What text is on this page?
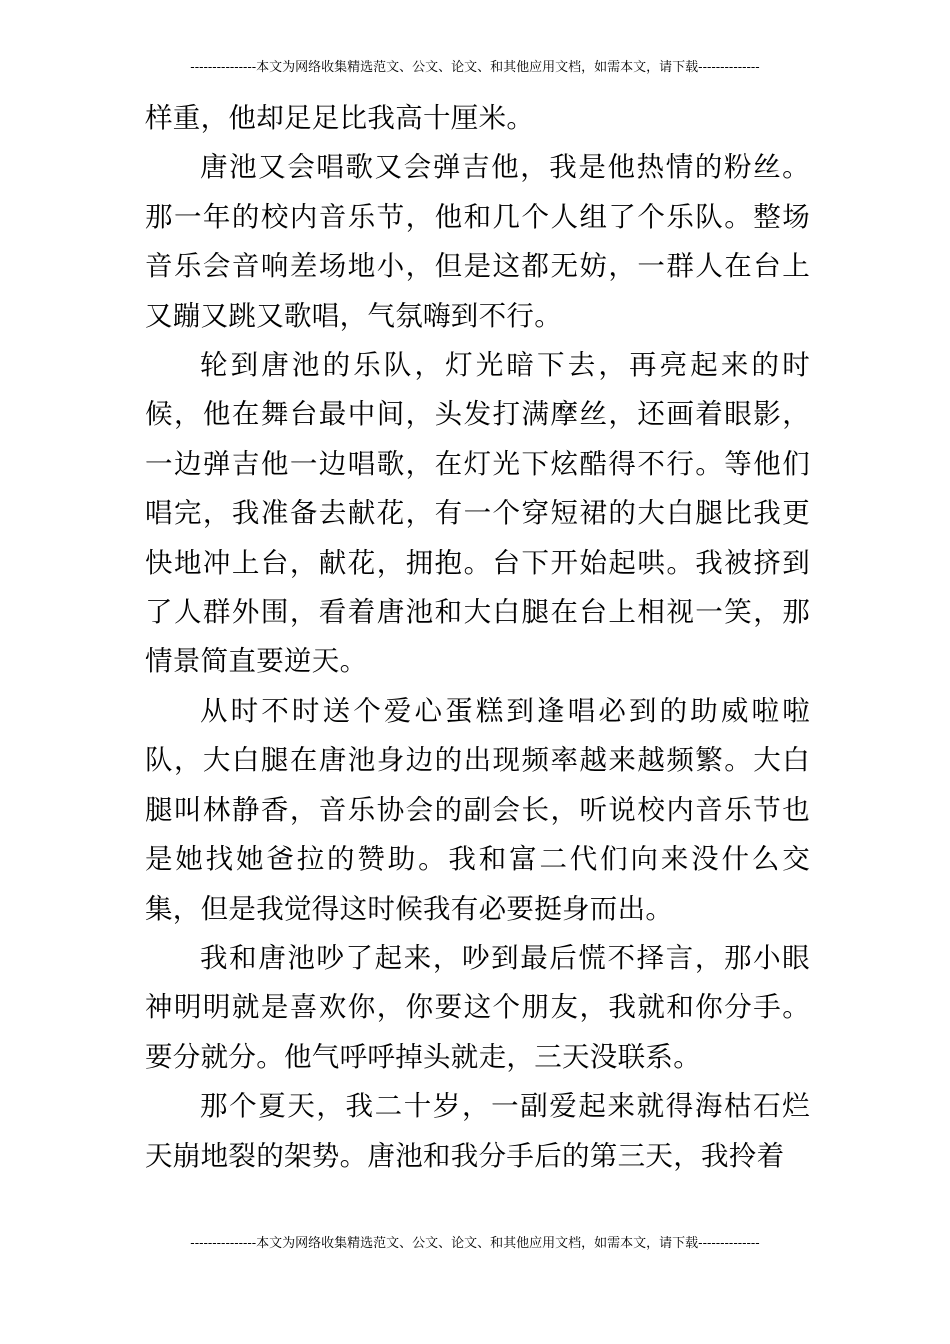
---------------本文为网络收集精选范文、公文、论文、和其他应用文档，如需本文，请下载--------------

样重，他却足足比我高十厘米。

唐池又会唱歌又会弹吉他，我是他热情的粉丝。那一年的校内音乐节，他和几个人组了个乐队。整场音乐会音响差场地小，但是这都无妨，一群人在台上又蹦又跳又歌唱，气氛嗨到不行。

轮到唐池的乐队，灯光暗下去，再亮起来的时候，他在舞台最中间，头发打满摩丝，还画着眼影，一边弹吉他一边唱歌，在灯光下炫酷得不行。等他们唱完，我准备去献花，有一个穿短裙的大白腿比我更快地冲上台，献花，拥抱。台下开始起哄。我被挤到了人群外围，看着唐池和大白腿在台上相视一笑，那情景简直要逆天。

从时不时送个爱心蛋糕到逢唱必到的助威啦啦队，大白腿在唐池身边的出现频率越来越频繁。大白腿叫林静香，音乐协会的副会长，听说校内音乐节也是她找她爸拉的赞助。我和富二代们向来没什么交集，但是我觉得这时候我有必要挺身而出。

我和唐池吵了起来，吵到最后慌不择言，那小眼神明明就是喜欢你，你要这个朋友，我就和你分手。要分就分。他气呼呼掉头就走，三天没联系。

那个夏天，我二十岁，一副爱起来就得海枯石烂天崩地裂的架势。唐池和我分手后的第三天，我拎着

---------------本文为网络收集精选范文、公文、论文、和其他应用文档，如需本文，请下载--------------
